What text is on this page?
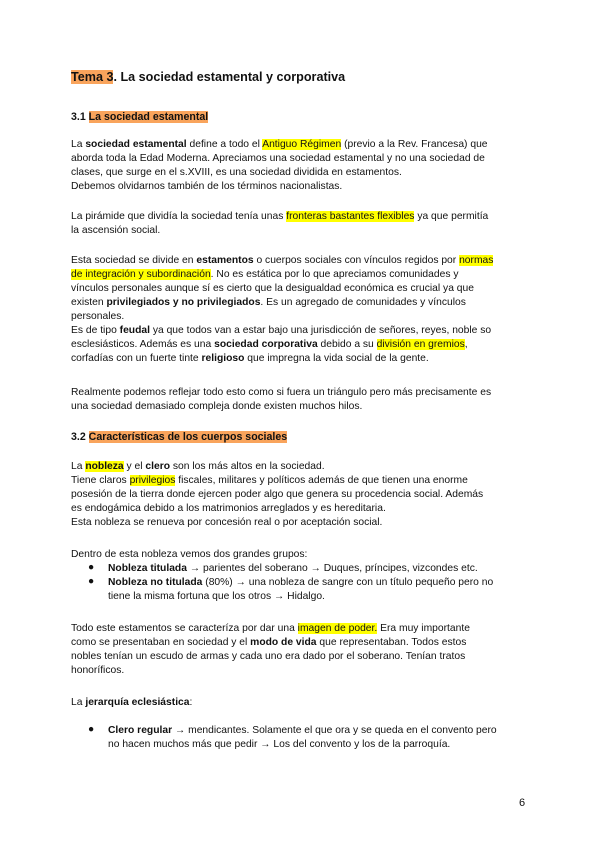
Tema 3. La sociedad estamental y corporativa
3.1 La sociedad estamental
La sociedad estamental define a todo el Antiguo Régimen (previo a la Rev. Francesa) que
aborda toda la Edad Moderna. Apreciamos una sociedad estamental y no una sociedad de
clases, que surge en el s.XVIII, es una sociedad dividida en estamentos.
Debemos olvidarnos también de los términos nacionalistas.
La pirámide que dividía la sociedad tenía unas fronteras bastantes flexibles ya que permitía
la ascensión social.
Esta sociedad se divide en estamentos o cuerpos sociales con vínculos regidos por normas
de integración y subordinación. No es estática por lo que apreciamos comunidades y
vínculos personales aunque sí es cierto que la desigualdad económica es crucial ya que
existen privilegiados y no privilegiados. Es un agregado de comunidades y vínculos
personales.
Es de tipo feudal ya que todos van a estar bajo una jurisdicción de señores, reyes, noble so
esclesiásticos. Además es una sociedad corporativa debido a su división en gremios,
corfadías con un fuerte tinte religioso que impregna la vida social de la gente.
Realmente podemos reflejar todo esto como si fuera un triángulo pero más precisamente es
una sociedad demasiado compleja donde existen muchos hilos.
3.2 Características de los cuerpos sociales
La nobleza y el clero son los más altos en la sociedad.
Tiene claros privilegios fiscales, militares y políticos además de que tienen una enorme
posesión de la tierra donde ejercen poder algo que genera su procedencia social. Además
es endogámica debido a los matrimonios arreglados y es hereditaria.
Esta nobleza se renueva por concesión real o por aceptación social.
Dentro de esta nobleza vemos dos grandes grupos:
● Nobleza titulada → parientes del soberano → Duques, príncipes, vizcondes etc.
● Nobleza no titulada (80%) → una nobleza de sangre con un título pequeño pero no
tiene la misma fortuna que los otros → Hidalgo.
Todo este estamentos se caracteríza por dar una imagen de poder. Era muy importante
como se presentaban en sociedad y el modo de vida que representaban. Todos estos
nobles tenían un escudo de armas y cada uno era dado por el soberano. Tenían tratos
honoríficos.
La jerarquía eclesiástica:
● Clero regular → mendicantes. Solamente el que ora y se queda en el convento pero
no hacen muchos más que pedir → Los del convento y los de la parroquía.
6
